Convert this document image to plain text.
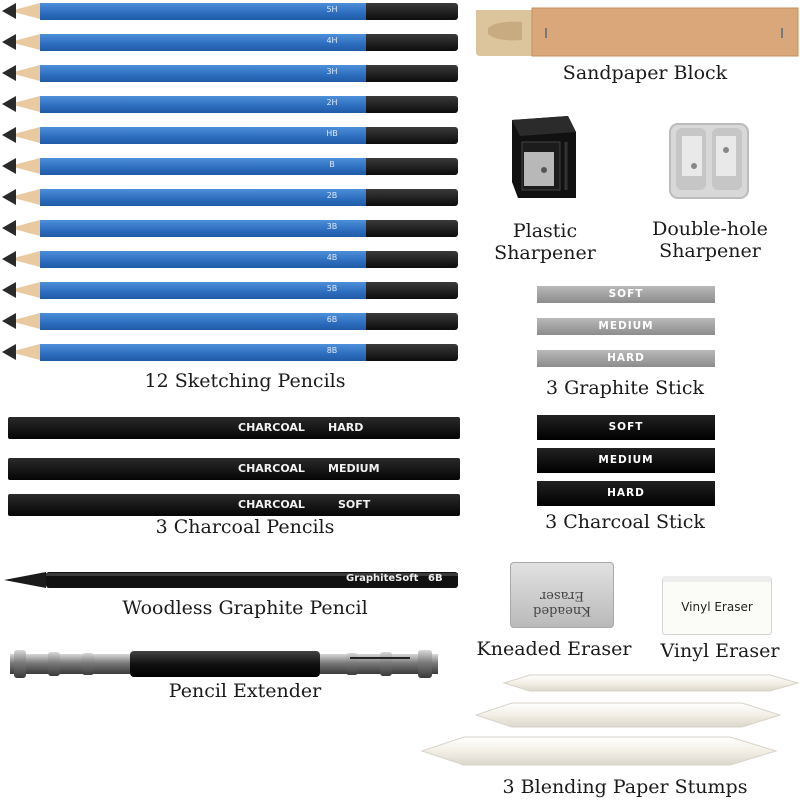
5H
4H
3H
2H
HB
B
2B
3B
4B
5B
6B
8B
12 Sketching Pencils
CHARCOAL HARD
CHARCOAL MEDIUM
CHARCOAL	SOFT
3 Charcoal Pencils
GraphiteSoft 6B
Woodless Graphite Pencil
Pencil Extender
Sandpaper Block
Plastic
Sharpener
Double-hole
Sharpener
SOFT
MEDIUM
HARD
3 Graphite Stick
SOFT
MEDIUM
HARD
3 Charcoal Stick
Kneaded Eraser
Kneaded Eraser
Vinyl Eraser
Vinyl Eraser
3 Blending Paper Stumps
